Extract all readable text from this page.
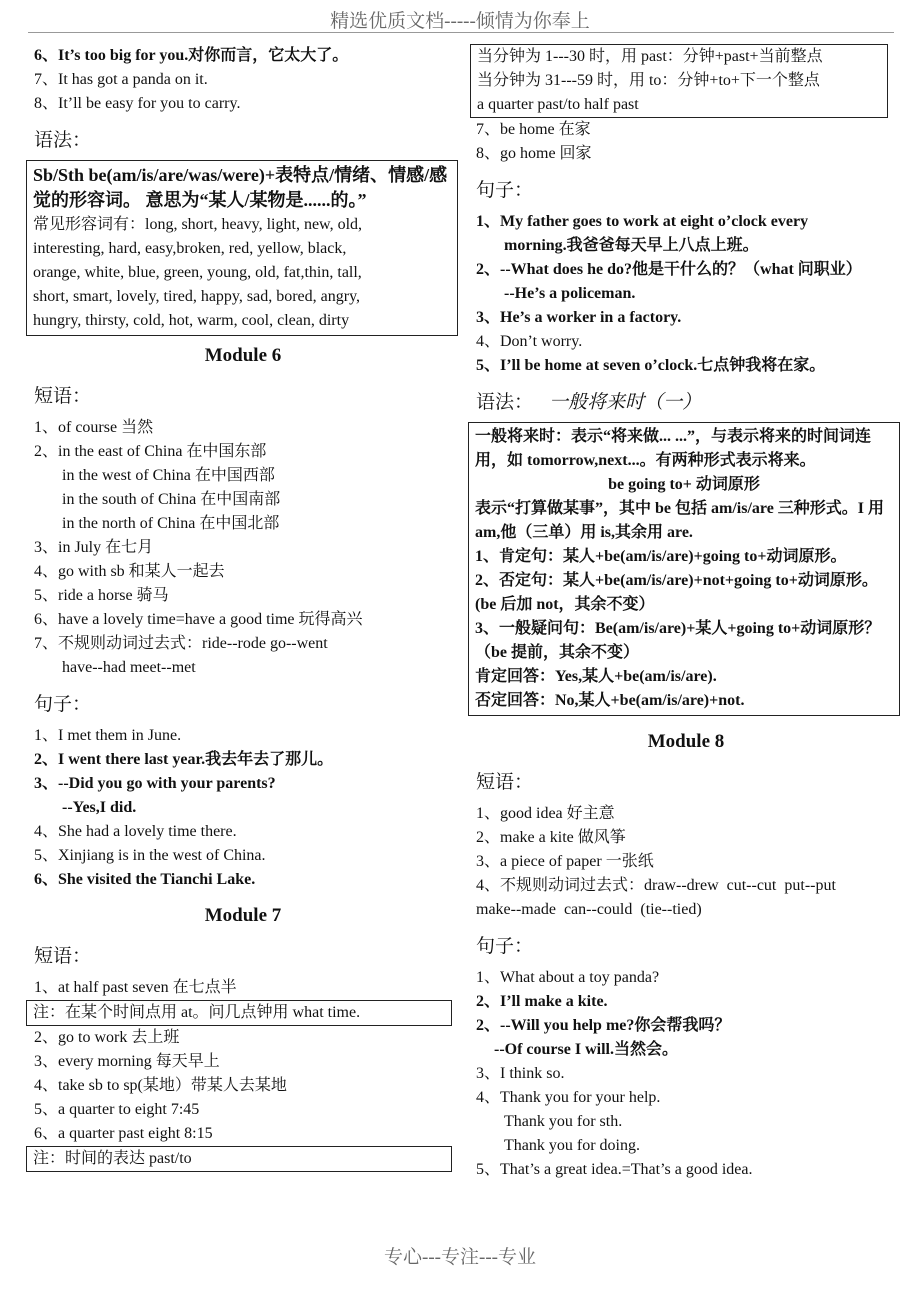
精选优质文档-----倾情为你奉上
6、It’s too big for you.对你而言，它太大了。
7、It has got a panda on it.
8、It’ll be easy for you to carry.
语法：
Sb/Sth be(am/is/are/was/were)+表特点/情绪、情感/感觉的形容词。 意思为“某人/某物是......的。”
常见形容词有：long, short, heavy, light, new, old,
interesting, hard, easy,broken, red, yellow, black,
orange, white, blue, green, young, old, fat,thin, tall,
short, smart, lovely, tired, happy, sad, bored, angry,
hungry, thirsty, cold, hot, warm, cool, clean, dirty
Module 6
短语：
1、of course 当然
2、in the east of China 在中国东部
in the west of China 在中国西部
in the south of China 在中国南部
in the north of China 在中国北部
3、in July 在七月
4、go with sb 和某人一起去
5、ride a horse 骑马
6、have a lovely time=have a good time 玩得高兴
7、不规则动词过去式：ride--rode go--went
have--had meet--met
句子：
1、I met them in June.
2、I went there last year.我去年去了那儿。
3、--Did you go with your parents?
--Yes,I did.
4、She had a lovely time there.
5、Xinjiang is in the west of China.
6、She visited the Tianchi Lake.
Module 7
短语：
1、at half past seven 在七点半
注：在某个时间点用 at。问几点钟用 what time.
2、go to work 去上班
3、every morning 每天早上
4、take sb to sp(某地）带某人去某地
5、a quarter to eight 7:45
6、a quarter past eight 8:15
注：时间的表达 past/to
当分钟为 1---30 时，用 past：分钟+past+当前整点
当分钟为 31---59 时，用 to：分钟+to+下一个整点
a quarter past/to half past
7、be home 在家
8、go home 回家
句子：
1、My father goes to work at eight o’clock every
morning.我爸爸每天早上八点上班。
2、--What does he do?他是干什么的？（what 问职业）
--He’s a policeman.
3、He’s a worker in a factory.
4、Don’t worry.
5、I’ll be home at seven o’clock.七点钟我将在家。
语法： 一般将来时（一）
一般将来时：表示“将来做... ...”，与表示将来的时间词连用，如 tomorrow,next...。有两种形式表示将来。
be going to+ 动词原形
表示“打算做某事”，其中 be 包括 am/is/are 三种形式。I 用 am,他（三单）用 is,其余用 are.
1、肯定句：某人+be(am/is/are)+going to+动词原形。
2、否定句：某人+be(am/is/are)+not+going to+动词原形。(be 后加 not，其余不变）
3、一般疑问句：Be(am/is/are)+某人+going to+动词原形？（be 提前，其余不变）
肯定回答：Yes,某人+be(am/is/are).
否定回答：No,某人+be(am/is/are)+not.
Module 8
短语：
1、good idea 好主意
2、make a kite 做风筝
3、a piece of paper 一张纸
4、不规则动词过去式：draw--drew cut--cut put--put
make--made can--could (tie--tied)
句子：
1、What about a toy panda?
2、I’ll make a kite.
2、--Will you help me?你会帮我吗？
--Of course I will.当然会。
3、I think so.
4、Thank you for your help.
Thank you for sth.
Thank you for doing.
5、That’s a great idea.=That’s a good idea.
专心---专注---专业
